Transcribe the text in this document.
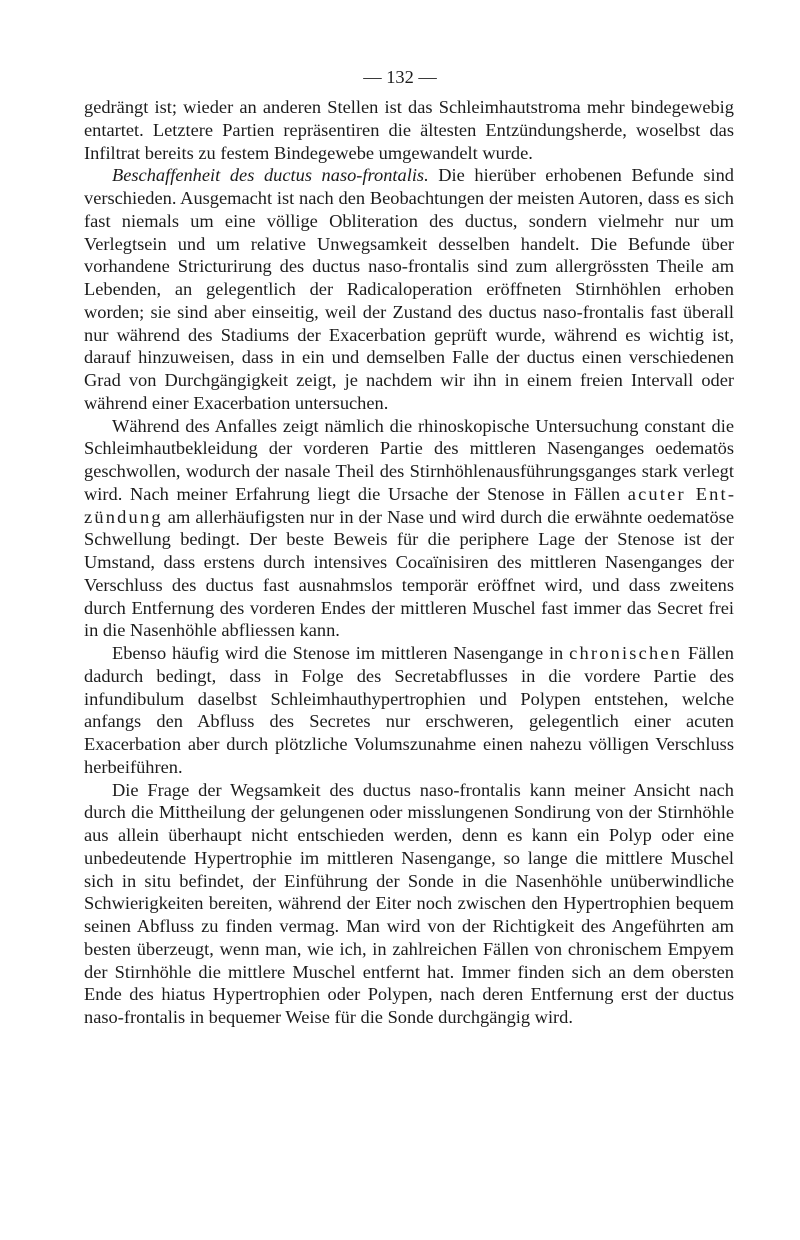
— 132 —

gedrängt ist; wieder an anderen Stellen ist das Schleimhautstroma mehr bindegewebig entartet. Letztere Partien repräsentiren die ältesten Entzündungsherde, woselbst das Infiltrat bereits zu festem Bindegewebe umgewandelt wurde.

Beschaffenheit des ductus naso-frontalis. Die hierüber erhobenen Befunde sind verschieden. Ausgemacht ist nach den Beobachtungen der meisten Autoren, dass es sich fast niemals um eine völlige Obliteration des ductus, sondern vielmehr nur um Verlegtsein und um relative Unwegsamkeit desselben handelt. Die Befunde über vorhandene Stricturirung des ductus naso-frontalis sind zum allergrössten Theile am Lebenden, an gelegentlich der Radicaloperation eröffneten Stirnhöhlen erhoben worden; sie sind aber einseitig, weil der Zustand des ductus naso-frontalis fast überall nur während des Stadiums der Exacerbation geprüft wurde, während es wichtig ist, darauf hinzuweisen, dass in ein und demselben Falle der ductus einen verschiedenen Grad von Durchgängigkeit zeigt, je nachdem wir ihn in einem freien Intervall oder während einer Exacerbation untersuchen.

Während des Anfalles zeigt nämlich die rhinoskopische Untersuchung constant die Schleimhautbekleidung der vorderen Partie des mittleren Nasenganges oedematös geschwollen, wodurch der nasale Theil des Stirnhöhlenausführungsganges stark verlegt wird. Nach meiner Erfahrung liegt die Ursache der Stenose in Fällen acuter Entzündung am allerhäufigsten nur in der Nase und wird durch die erwähnte oedematöse Schwellung bedingt. Der beste Beweis für die periphere Lage der Stenose ist der Umstand, dass erstens durch intensives Cocaïnisiren des mittleren Nasenganges der Verschluss des ductus fast ausnahmslos temporär eröffnet wird, und dass zweitens durch Entfernung des vorderen Endes der mittleren Muschel fast immer das Secret frei in die Nasenhöhle abfliessen kann.

Ebenso häufig wird die Stenose im mittleren Nasengange in chronischen Fällen dadurch bedingt, dass in Folge des Secretabflusses in die vordere Partie des infundibulum daselbst Schleimhauthypertrophien und Polypen entstehen, welche anfangs den Abfluss des Secretes nur erschweren, gelegentlich einer acuten Exacerbation aber durch plötzliche Volumszunahme einen nahezu völligen Verschluss herbeiführen.

Die Frage der Wegsamkeit des ductus naso-frontalis kann meiner Ansicht nach durch die Mittheilung der gelungenen oder misslungenen Sondirung von der Stirnhöhle aus allein überhaupt nicht entschieden werden, denn es kann ein Polyp oder eine unbedeutende Hypertrophie im mittleren Nasengange, so lange die mittlere Muschel sich in situ befindet, der Einführung der Sonde in die Nasenhöhle unüberwindliche Schwierigkeiten bereiten, während der Eiter noch zwischen den Hypertrophien bequem seinen Abfluss zu finden vermag. Man wird von der Richtigkeit des Angeführten am besten überzeugt, wenn man, wie ich, in zahlreichen Fällen von chronischem Empyem der Stirnhöhle die mittlere Muschel entfernt hat. Immer finden sich an dem obersten Ende des hiatus Hypertrophien oder Polypen, nach deren Entfernung erst der ductus naso-frontalis in bequemer Weise für die Sonde durchgängig wird.
